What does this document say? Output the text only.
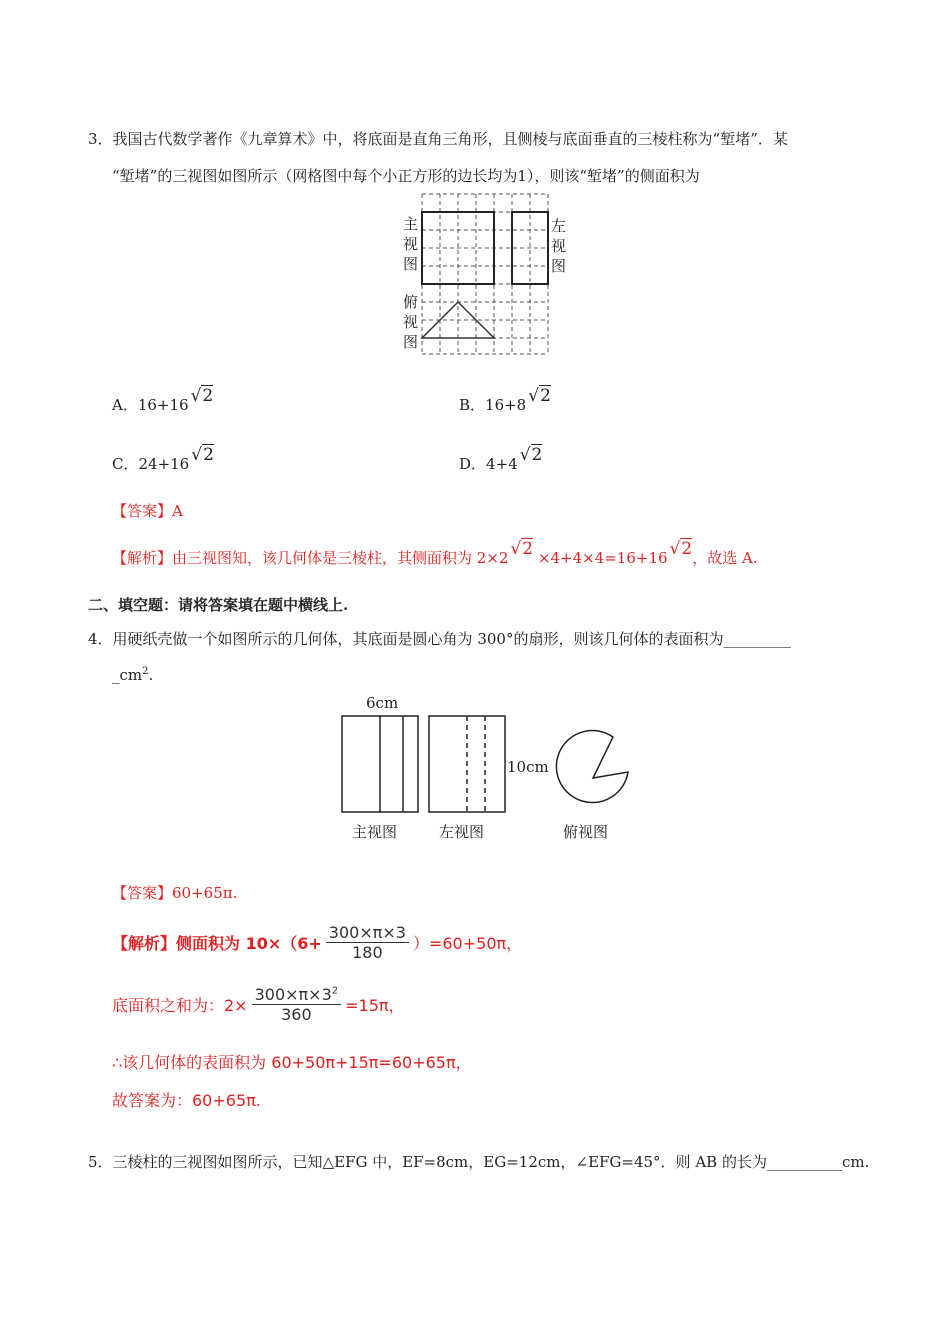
3．我国古代数学著作《九章算术》中，将底面是直角三角形，且侧棱与底面垂直的三棱柱称为“堑堵”．某
“堑堵”的三视图如图所示（网格图中每个小正方形的边长均为1），则该“堑堵”的侧面积为
主视图
左视图
俯视图
A．16+16 √2	B．16+8 √2
C．24+16 √2	D．4+4 √2
【答案】A
【解析】由三视图知，该几何体是三棱柱，其侧面积为 2×2 √2 ×4+4×4=16+16 √2，故选 A.
二、填空题：请将答案填在题中横线上.
4．用硬纸壳做一个如图所示的几何体，其底面是圆心角为 300°的扇形，则该几何体的表面积为_________
$\_cm^2$.
6cm
10cm
主视图	左视图	俯视图
【答案】60+65π.
【解析】侧面积为 $10\times(6+ \frac{300\times\pi\times 3}{180} )=60+50\pi$，
底面积之和为：$2\times \frac{300\times\pi\times 3^2}{360} =15\pi$，
∴该几何体的表面积为 60+50π+15π=60+65π，
故答案为：60+65π.
5．三棱柱的三视图如图所示，已知△EFG 中，EF=8cm，EG=12cm，∠EFG=45°．则 AB 的长为__________cm.
